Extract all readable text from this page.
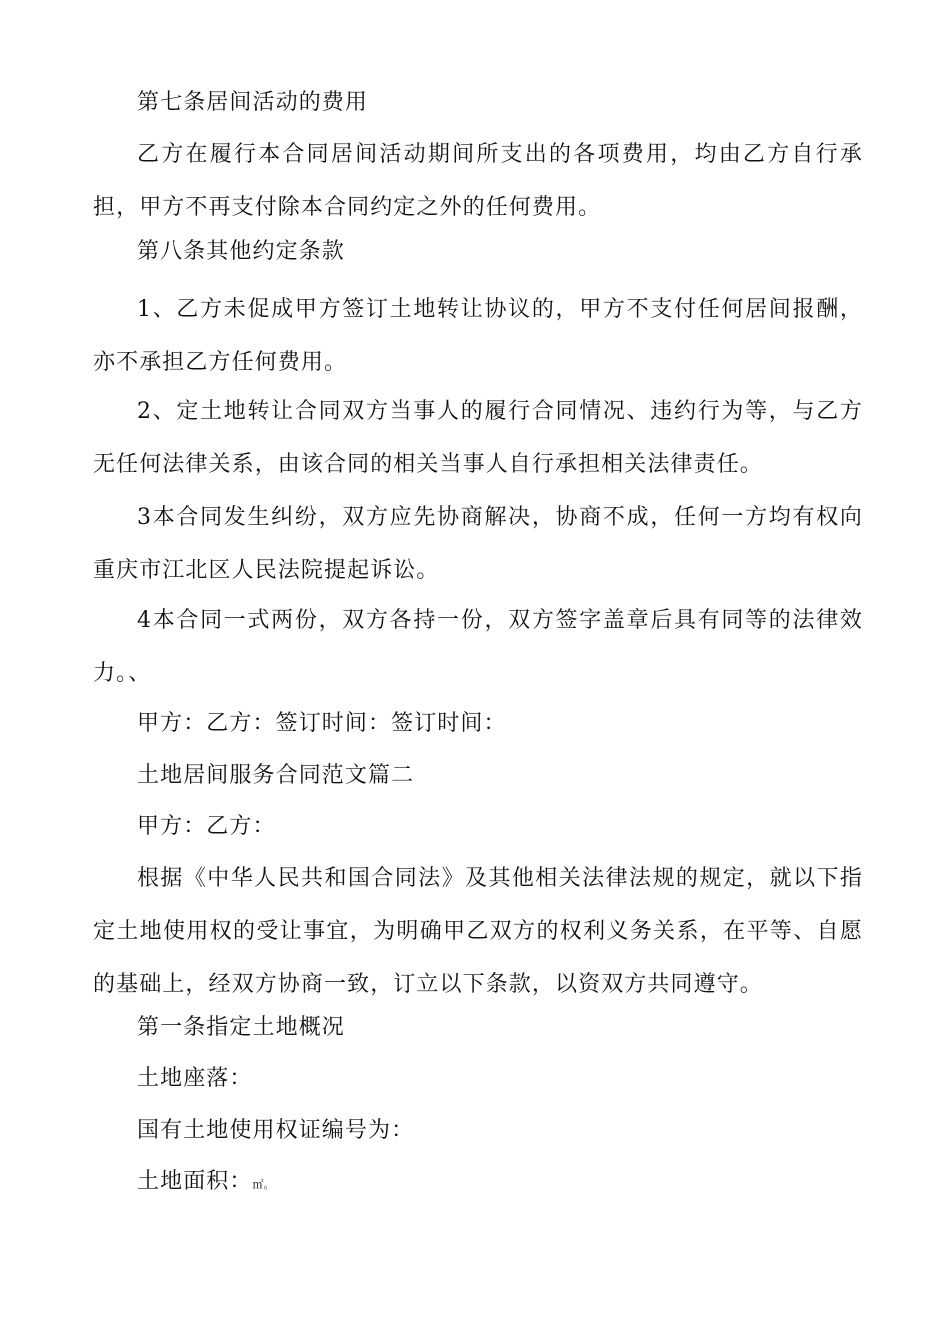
第七条居间活动的费用
乙方在履行本合同居间活动期间所支出的各项费用，均由乙方自行承担，甲方不再支付除本合同约定之外的任何费用。
第八条其他约定条款
1、乙方未促成甲方签订土地转让协议的，甲方不支付任何居间报酬，亦不承担乙方任何费用。
2、定土地转让合同双方当事人的履行合同情况、违约行为等，与乙方无任何法律关系，由该合同的相关当事人自行承担相关法律责任。
3本合同发生纠纷，双方应先协商解决，协商不成，任何一方均有权向重庆市江北区人民法院提起诉讼。
4本合同一式两份，双方各持一份，双方签字盖章后具有同等的法律效力。、
甲方：乙方：签订时间：签订时间：
土地居间服务合同范文篇二
甲方：乙方：
根据《中华人民共和国合同法》及其他相关法律法规的规定，就以下指定土地使用权的受让事宜，为明确甲乙双方的权利义务关系，在平等、自愿的基础上，经双方协商一致，订立以下条款，以资双方共同遵守。
第一条指定土地概况
土地座落：
国有土地使用权证编号为：
土地面积：㎡。
